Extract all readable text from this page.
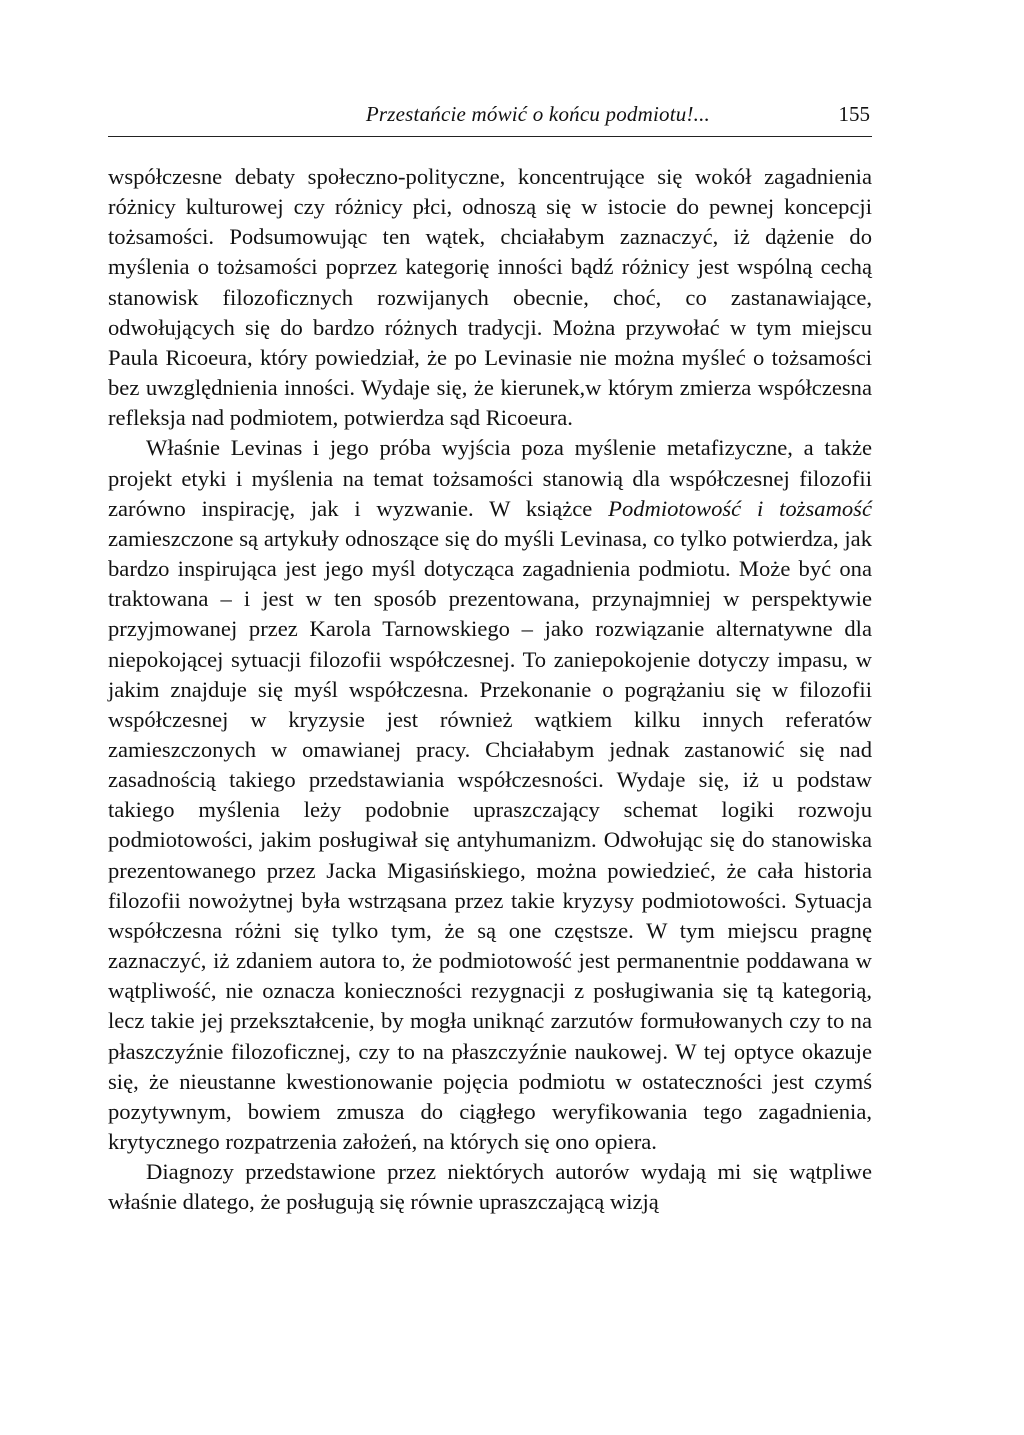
Przestańcie mówić o końcu podmiotu!...	155

współczesne debaty społeczno-polityczne, koncentrujące się wokół zagadnienia różnicy kulturowej czy różnicy płci, odnoszą się w istocie do pewnej koncepcji tożsamości. Podsumowując ten wątek, chciałabym zaznaczyć, iż dążenie do myślenia o tożsamości poprzez kategorię inności bądź różnicy jest wspólną cechą stanowisk filozoficznych rozwijanych obecnie, choć, co zastanawiające, odwołujących się do bardzo różnych tradycji. Można przywołać w tym miejscu Paula Ricoeura, który powiedział, że po Levinasie nie można myśleć o tożsamości bez uwzględnienia inności. Wydaje się, że kierunek,w którym zmierza współczesna refleksja nad podmiotem, potwierdza sąd Ricoeura.

Właśnie Levinas i jego próba wyjścia poza myślenie metafizyczne, a także projekt etyki i myślenia na temat tożsamości stanowią dla współczesnej filozofii zarówno inspirację, jak i wyzwanie. W książce Podmiotowość i tożsamość zamieszczone są artykuły odnoszące się do myśli Levinasa, co tylko potwierdza, jak bardzo inspirująca jest jego myśl dotycząca zagadnienia podmiotu. Może być ona traktowana – i jest w ten sposób prezentowana, przynajmniej w perspektywie przyjmowanej przez Karola Tarnowskiego – jako rozwiązanie alternatywne dla niepokojącej sytuacji filozofii współczesnej. To zaniepokojenie dotyczy impasu, w jakim znajduje się myśl współczesna. Przekonanie o pogrążaniu się w filozofii współczesnej w kryzysie jest również wątkiem kilku innych referatów zamieszczonych w omawianej pracy. Chciałabym jednak zastanowić się nad zasadnością takiego przedstawiania współczesności. Wydaje się, iż u podstaw takiego myślenia leży podobnie upraszczający schemat logiki rozwoju podmiotowości, jakim posługiwał się antyhumanizm. Odwołując się do stanowiska prezentowanego przez Jacka Migasińskiego, można powiedzieć, że cała historia filozofii nowożytnej była wstrząsana przez takie kryzysy podmiotowości. Sytuacja współczesna różni się tylko tym, że są one częstsze. W tym miejscu pragnę zaznaczyć, iż zdaniem autora to, że podmiotowość jest permanentnie poddawana w wątpliwość, nie oznacza konieczności rezygnacji z posługiwania się tą kategorią, lecz takie jej przekształcenie, by mogła uniknąć zarzutów formułowanych czy to na płaszczyźnie filozoficznej, czy to na płaszczyźnie naukowej. W tej optyce okazuje się, że nieustanne kwestionowanie pojęcia podmiotu w ostateczności jest czymś pozytywnym, bowiem zmusza do ciągłego weryfikowania tego zagadnienia, krytycznego rozpatrzenia założeń, na których się ono opiera.

Diagnozy przedstawione przez niektórych autorów wydają mi się wątpliwe właśnie dlatego, że posługują się równie upraszczającą wizją
